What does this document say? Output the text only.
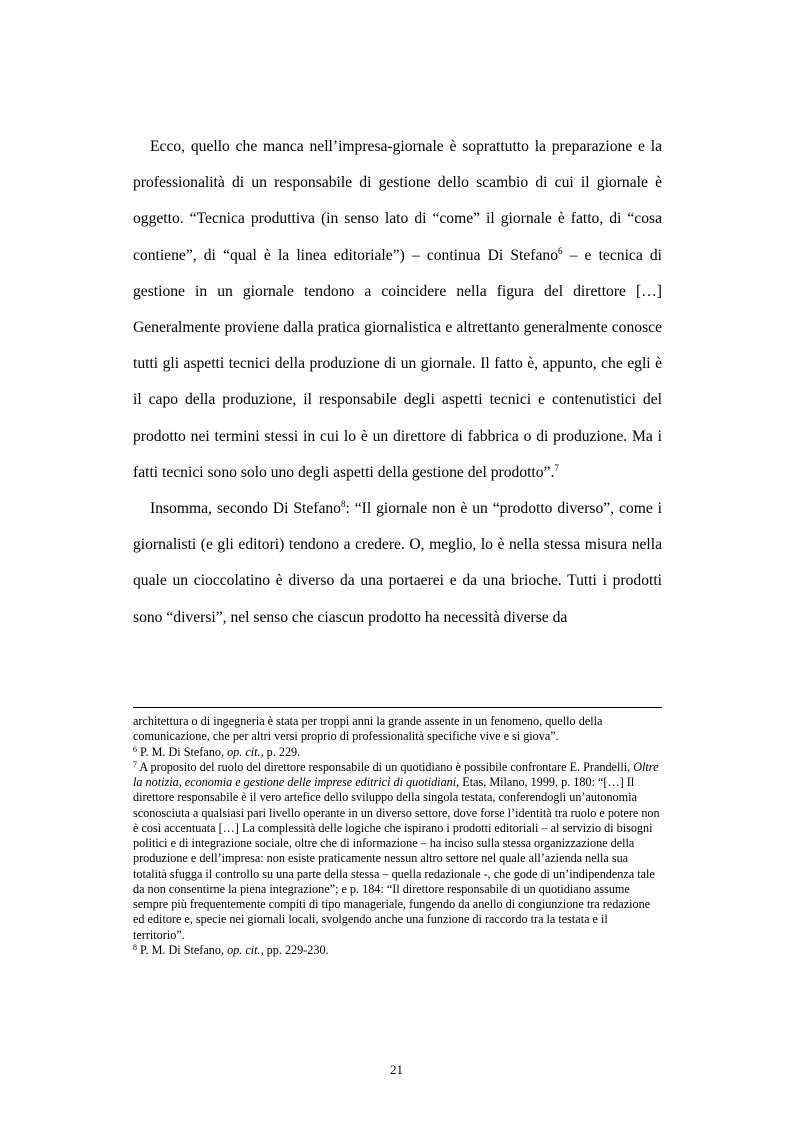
Ecco, quello che manca nell’impresa-giornale è soprattutto la preparazione e la professionalità di un responsabile di gestione dello scambio di cui il giornale è oggetto. “Tecnica produttiva (in senso lato di “come” il giornale è fatto, di “cosa contiene”, di “qual è la linea editoriale”) – continua Di Stefano$^6$ – e tecnica di gestione in un giornale tendono a coincidere nella figura del direttore […] Generalmente proviene dalla pratica giornalistica e altrettanto generalmente conosce tutti gli aspetti tecnici della produzione di un giornale. Il fatto è, appunto, che egli è il capo della produzione, il responsabile degli aspetti tecnici e contenutistici del prodotto nei termini stessi in cui lo è un direttore di fabbrica o di produzione. Ma i fatti tecnici sono solo uno degli aspetti della gestione del prodotto”.$^7$

Insomma, secondo Di Stefano$^8$: “Il giornale non è un “prodotto diverso”, come i giornalisti (e gli editori) tendono a credere. O, meglio, lo è nella stessa misura nella quale un cioccolatino è diverso da una portaerei e da una brioche. Tutti i prodotti sono “diversi”, nel senso che ciascun prodotto ha necessità diverse da

architettura o di ingegneria è stata per troppi anni la grande assente in un fenomeno, quello della comunicazione, che per altri versi proprio di professionalità specifiche vive e si giova”.

$^6$ P. M. Di Stefano, op. cit., p. 229.

$^7$ A proposito del ruolo del direttore responsabile di un quotidiano è possibile confrontare E. Prandelli, Oltre la notizia, economia e gestione delle imprese editrici di quotidiani, Etas, Milano, 1999, p. 180: “[…] Il direttore responsabile è il vero artefice dello sviluppo della singola testata, conferendogli un’autonomia sconosciuta a qualsiasi pari livello operante in un diverso settore, dove forse l’identità tra ruolo e potere non è così accentuata […] La complessità delle logiche che ispirano i prodotti editoriali – al servizio di bisogni politici e di integrazione sociale, oltre che di informazione – ha inciso sulla stessa organizzazione della produzione e dell’impresa: non esiste praticamente nessun altro settore nel quale all’azienda nella sua totalità sfugga il controllo su una parte della stessa – quella redazionale -, che gode di un’indipendenza tale da non consentirne la piena integrazione”; e p. 184: “Il direttore responsabile di un quotidiano assume sempre più frequentemente compiti di tipo manageriale, fungendo da anello di congiunzione tra redazione ed editore e, specie nei giornali locali, svolgendo anche una funzione di raccordo tra la testata e il territorio”.

$^8$ P. M. Di Stefano, op. cit., pp. 229-230.

21
